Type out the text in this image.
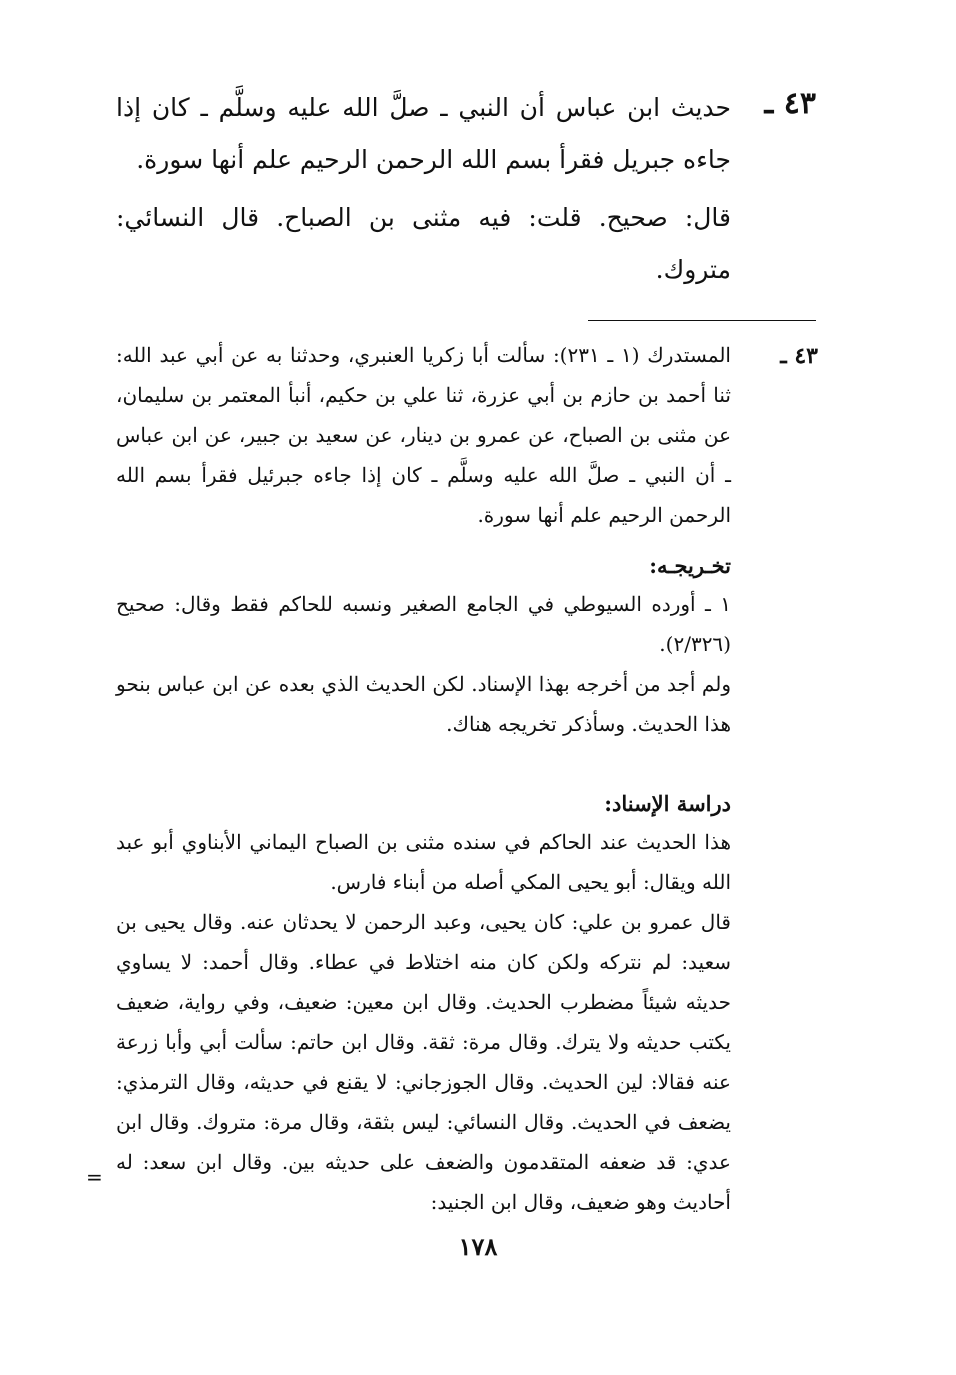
٤٣ ـ
حديث ابن عباس أن النبي ـ صلَّ الله عليه وسلَّم ـ كان إذا جاءه جبريل فقرأ بسم الله الرحمن الرحيم علم أنها سورة.
قال: صحيح. قلت: فيه مثنى بن الصباح. قال النسائي: متروك.
٤٣ ـ
المستدرك (١ ـ ٢٣١): سألت أبا زكريا العنبري، وحدثنا به عن أبي عبد الله: ثنا أحمد بن حازم بن أبي عزرة، ثنا علي بن حكيم، أنبأ المعتمر بن سليمان، عن مثنى بن الصباح، عن عمرو بن دينار، عن سعيد بن جبير، عن ابن عباس ـ أن النبي ـ صلَّ الله عليه وسلَّم ـ كان إذا جاءه جبرئيل فقرأ بسم الله الرحمن الرحيم علم أنها سورة.

تخـريجـه:

١ ـ أورده السيوطي في الجامع الصغير ونسبه للحاكم فقط وقال: صحيح (٢/٣٢٦).

ولم أجد من أخرجه بهذا الإسناد. لكن الحديث الذي بعده عن ابن عباس بنحو هذا الحديث. وسأذكر تخريجه هناك.

دراسة الإسناد:

هذا الحديث عند الحاكم في سنده مثنى بن الصباح اليماني الأبناوي أبو عبد الله ويقال: أبو يحيى المكي أصله من أبناء فارس.

قال عمرو بن علي: كان يحيى، وعبد الرحمن لا يحدثان عنه. وقال يحيى بن سعيد: لم نتركه ولكن كان منه اختلاط في عطاء. وقال أحمد: لا يساوي حديثه شيئاً مضطرب الحديث. وقال ابن معين: ضعيف، وفي رواية، ضعيف يكتب حديثه ولا يترك. وقال مرة: ثقة. وقال ابن حاتم: سألت أبي وأبا زرعة عنه فقالا: لين الحديث. وقال الجوزجاني: لا يقنع في حديثه، وقال الترمذي: يضعف في الحديث. وقال النسائي: ليس بثقة، وقال مرة: متروك. وقال ابن عدي: قد ضعفه المتقدمون والضعف على حديثه بين. وقال ابن سعد: له أحاديث وهو ضعيف، وقال ابن الجنيد:

=
١٧٨
